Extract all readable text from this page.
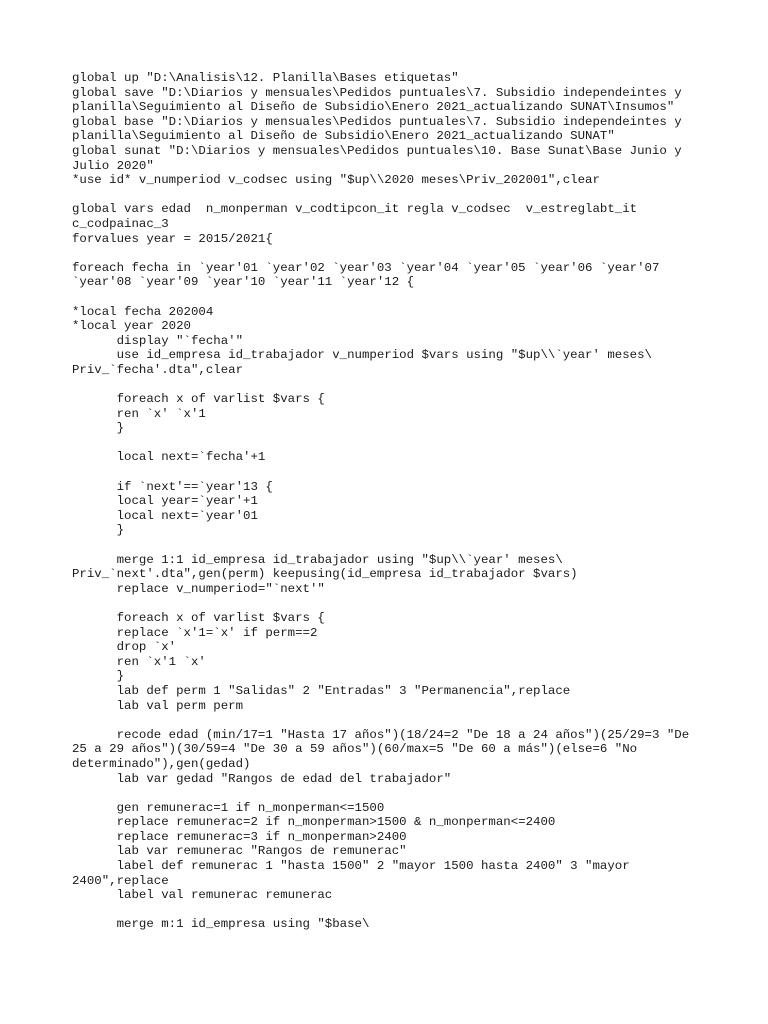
global up "D:\Analisis\12. Planilla\Bases etiquetas"
global save "D:\Diarios y mensuales\Pedidos puntuales\7. Subsidio independeintes y
planilla\Seguimiento al Diseño de Subsidio\Enero 2021_actualizando SUNAT\Insumos"
global base "D:\Diarios y mensuales\Pedidos puntuales\7. Subsidio independeintes y
planilla\Seguimiento al Diseño de Subsidio\Enero 2021_actualizando SUNAT"
global sunat "D:\Diarios y mensuales\Pedidos puntuales\10. Base Sunat\Base Junio y
Julio 2020"
*use id* v_numperiod v_codsec using "$up\\2020 meses\Priv_202001",clear
global vars edad  n_monperman v_codtipcon_it regla v_codsec  v_estreglabt_it
c_codpainac_3
forvalues year = 2015/2021{
foreach fecha in `year'01 `year'02 `year'03 `year'04 `year'05 `year'06 `year'07
`year'08 `year'09 `year'10 `year'11 `year'12 {
*local fecha 202004
*local year 2020
display "`fecha'"
use id_empresa id_trabajador v_numperiod $vars using "$up\\`year' meses\
Priv_`fecha'.dta",clear
foreach x of varlist $vars {
ren `x' `x'1
}
local next=`fecha'+1
if `next'==`year'13 {
local year=`year'+1
local next=`year'01
}
merge 1:1 id_empresa id_trabajador using "$up\\`year' meses\
Priv_`next'.dta",gen(perm) keepusing(id_empresa id_trabajador $vars)
replace v_numperiod="`next'"
foreach x of varlist $vars {
replace `x'1=`x' if perm==2
drop `x'
ren `x'1 `x'
}
lab def perm 1 "Salidas" 2 "Entradas" 3 "Permanencia",replace
lab val perm perm
recode edad (min/17=1 "Hasta 17 años")(18/24=2 "De 18 a 24 años")(25/29=3 "De
25 a 29 años")(30/59=4 "De 30 a 59 años")(60/max=5 "De 60 a más")(else=6 "No
determinado"),gen(gedad)
lab var gedad "Rangos de edad del trabajador"
gen remunerac=1 if n_monperman<=1500
replace remunerac=2 if n_monperman>1500 & n_monperman<=2400
replace remunerac=3 if n_monperman>2400
lab var remunerac "Rangos de remunerac"
label def remunerac 1 "hasta 1500" 2 "mayor 1500 hasta 2400" 3 "mayor
2400",replace
label val remunerac remunerac
merge m:1 id_empresa using "$base\
